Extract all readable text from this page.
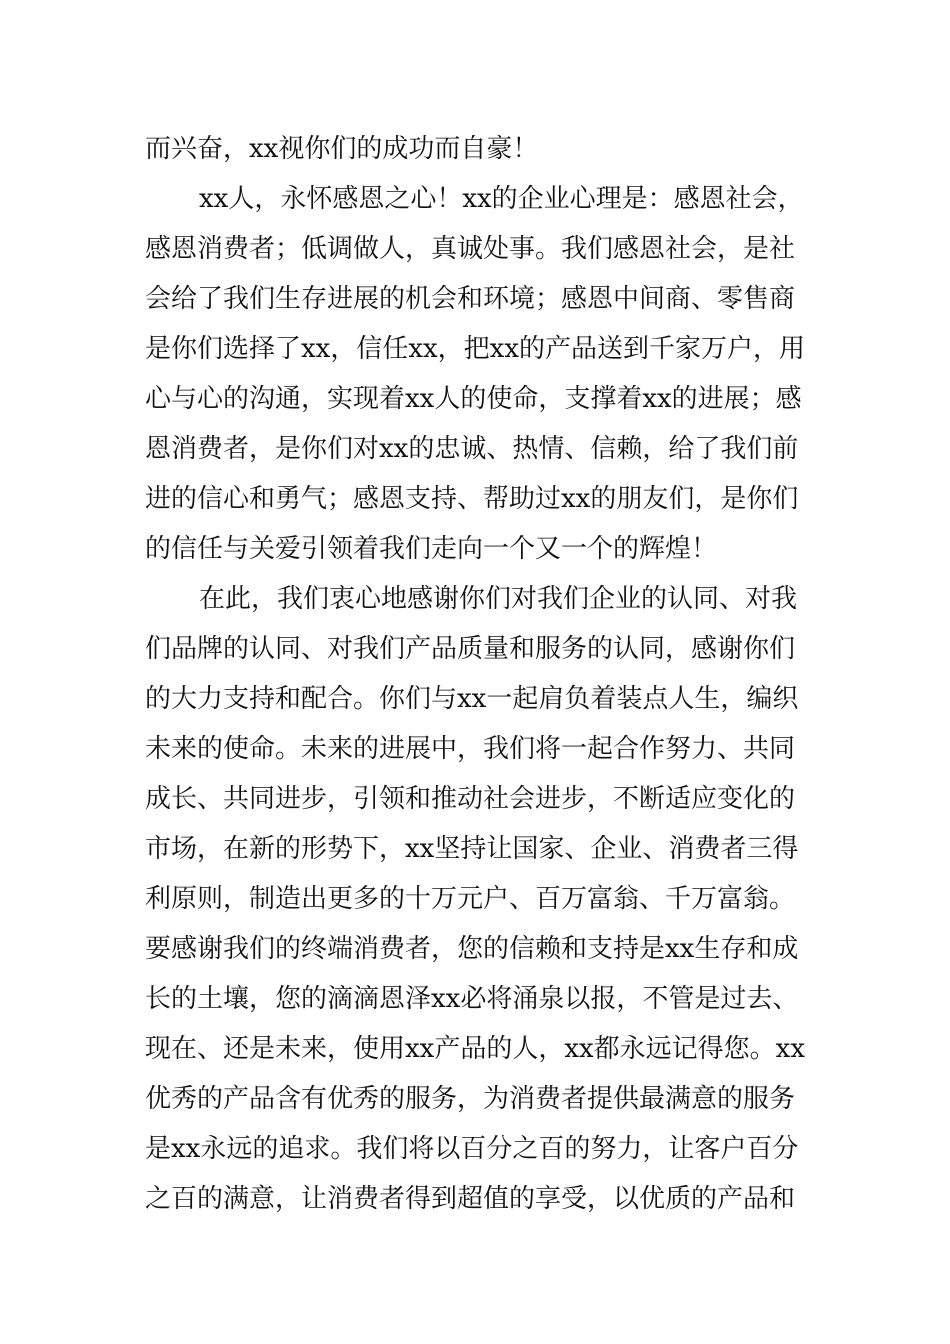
而兴奋，xx视你们的成功而自豪！
xx人，永怀感恩之心！xx的企业心理是：感恩社会，
感恩消费者；低调做人，真诚处事。我们感恩社会，是社
会给了我们生存进展的机会和环境；感恩中间商、零售商
是你们选择了xx，信任xx，把xx的产品送到千家万户，用
心与心的沟通，实现着xx人的使命，支撑着xx的进展；感
恩消费者，是你们对xx的忠诚、热情、信赖，给了我们前
进的信心和勇气；感恩支持、帮助过xx的朋友们，是你们
的信任与关爱引领着我们走向一个又一个的辉煌！
在此，我们衷心地感谢你们对我们企业的认同、对我
们品牌的认同、对我们产品质量和服务的认同，感谢你们
的大力支持和配合。你们与xx一起肩负着装点人生，编织
未来的使命。未来的进展中，我们将一起合作努力、共同
成长、共同进步，引领和推动社会进步，不断适应变化的
市场，在新的形势下，xx坚持让国家、企业、消费者三得
利原则，制造出更多的十万元户、百万富翁、千万富翁。
要感谢我们的终端消费者，您的信赖和支持是xx生存和成
长的土壤，您的滴滴恩泽xx必将涌泉以报，不管是过去、
现在、还是未来，使用xx产品的人，xx都永远记得您。xx
优秀的产品含有优秀的服务，为消费者提供最满意的服务
是xx永远的追求。我们将以百分之百的努力，让客户百分
之百的满意，让消费者得到超值的享受，以优质的产品和
